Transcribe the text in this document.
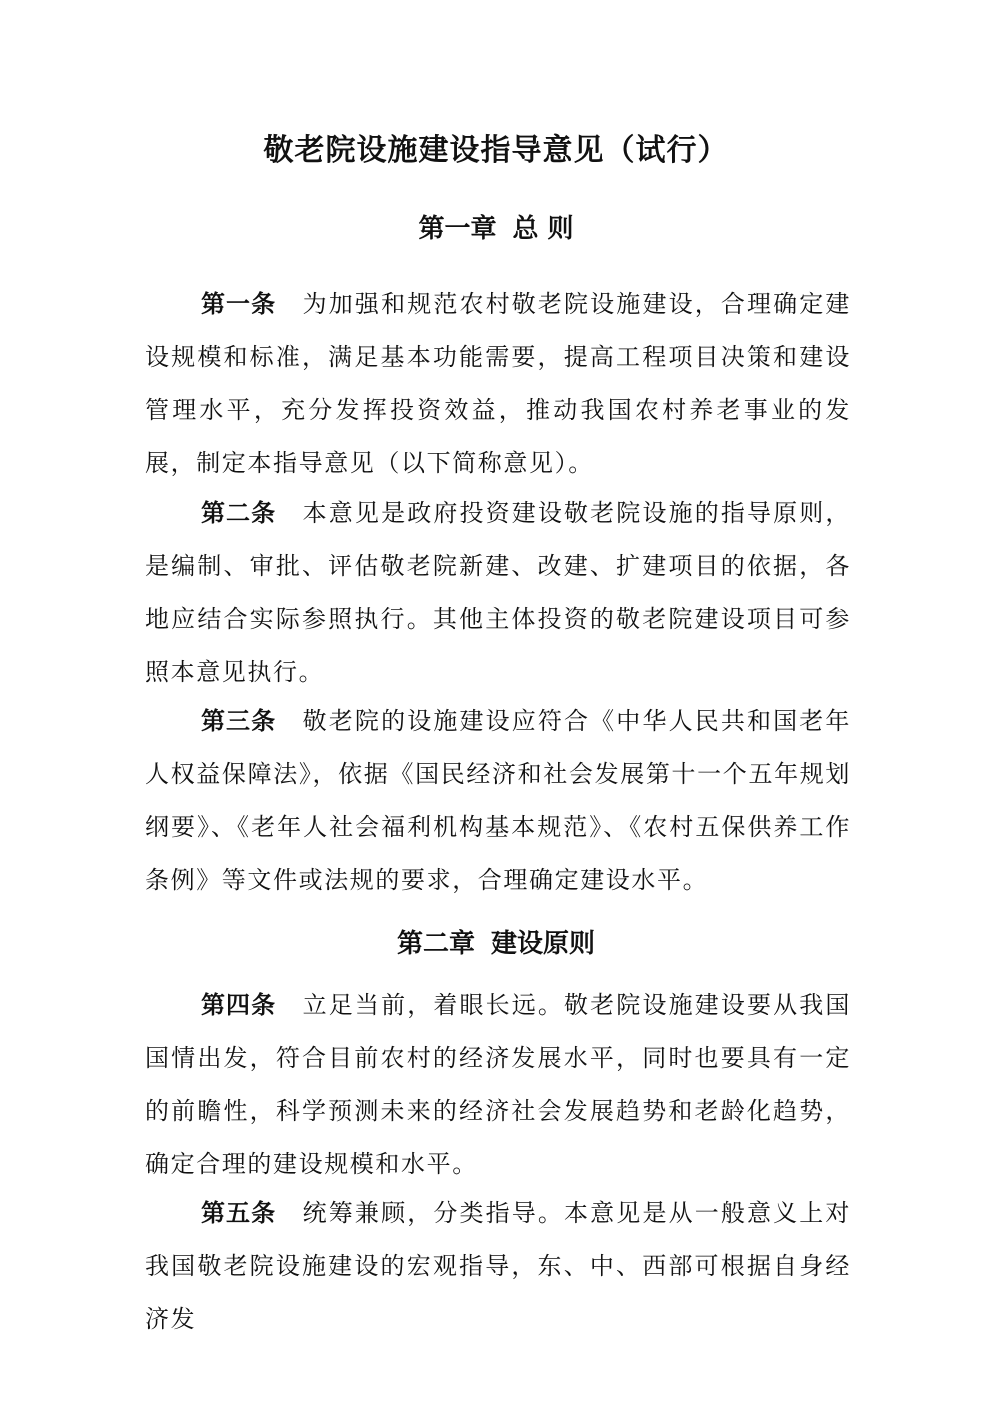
敬老院设施建设指导意见（试行）
第一章 总 则
第一条 为加强和规范农村敬老院设施建设，合理确定建设规模和标准，满足基本功能需要，提高工程项目决策和建设管理水平，充分发挥投资效益，推动我国农村养老事业的发展，制定本指导意见（以下简称意见）。
第二条 本意见是政府投资建设敬老院设施的指导原则，是编制、审批、评估敬老院新建、改建、扩建项目的依据，各地应结合实际参照执行。其他主体投资的敬老院建设项目可参照本意见执行。
第三条 敬老院的设施建设应符合《中华人民共和国老年人权益保障法》，依据《国民经济和社会发展第十一个五年规划纲要》、《老年人社会福利机构基本规范》、《农村五保供养工作条例》等文件或法规的要求，合理确定建设水平。
第二章 建设原则
第四条 立足当前，着眼长远。敬老院设施建设要从我国国情出发，符合目前农村的经济发展水平，同时也要具有一定的前瞻性，科学预测未来的经济社会发展趋势和老龄化趋势，确定合理的建设规模和水平。
第五条 统筹兼顾，分类指导。本意见是从一般意义上对我国敬老院设施建设的宏观指导，东、中、西部可根据自身经济发
